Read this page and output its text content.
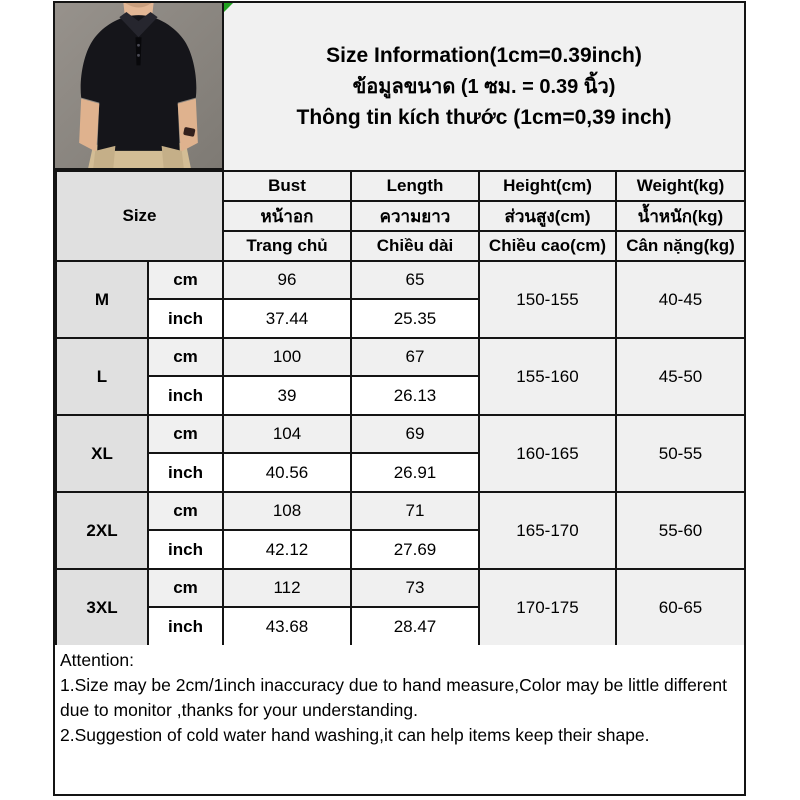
Size Information(1cm=0.39inch)
ข้อมูลขนาด (1 ซม. = 0.39 นิ้ว)
Thông tin kích thước (1cm=0,39 inch)
Size		Bust	Length	Height(cm)	Weight(kg)
		หน้าอก	ความยาว	ส่วนสูง(cm)	น้ำหนัก(kg)
		Trang chủ	Chiều dài	Chiều cao(cm)	Cân nặng(kg)
M	cm	96	65	150-155	40-45
	inch	37.44	25.35		
L	cm	100	67	155-160	45-50
	inch	39	26.13		
XL	cm	104	69	160-165	50-55
	inch	40.56	26.91		
2XL	cm	108	71	165-170	55-60
	inch	42.12	27.69		
3XL	cm	112	73	170-175	60-65
	inch	43.68	28.47		
Attention:
1.Size may be 2cm/1inch inaccuracy due to hand measure,Color may be little different due to monitor ,thanks for your understanding.
2.Suggestion of cold water hand washing,it can help items keep their shape.
